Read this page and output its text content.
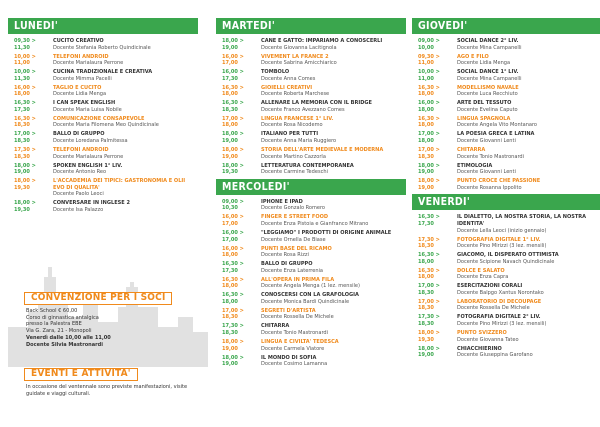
LUNEDI'
09,30 > 11,30
CUCITO CREATIVO
Docente Stefania Roberto Quindicinale
10,00 > 11,00
TELEFONI ANDROID
Docente Marialaura Perrone
10,00 > 11,30
CUCINA TRADIZIONALE E CREATIVA
Docente Mimma Pacelli
16,00 > 18,00
TAGLIO E CUCITO
Docente Lidia Menga
16,30 > 17,30
I CAN SPEAK ENGLISH
Docente Maria Luisa Nobile
16,30 > 18,30
COMUNICAZIONE CONSAPEVOLE
Docente Maria Filomena Meo Quindicinale
17,00 > 18,30
BALLO DI GRUPPO
Docente Loredana Palmitessa
17,30 > 18,30
TELEFONI ANDROID
Docente Marialaura Perrone
18,00 > 19,00
SPOKEN ENGLISH 1° LIV.
Docente Antonio Reo
18,00 > 19,30
L'ACCADEMIA DEI TIPICI: GASTRONOMIA E OLII EVO DI QUALITA'
Docente Paolo Leoci
18,00 > 19,30
CONVERSARE IN INGLESE 2
Docente Isa Palazzo
CONVENZIONE PER I SOCI

Back School € 60,00

Corso di ginnastica antalgica

presso la Palestra EBE

Via G. Zara, 21 - Monopoli

Venerdì dalle 10,00 alle 11,00

Docente Silvia Mastronardi

EVENTI E ATTIVITA'

In occasione del ventennale sono previste manifestazioni, visite guidate e viaggi culturali.

MARTEDI'
18,00 > 19,00
CANE E GATTO: IMPARIAMO A CONOSCERLI
Docente Giovanna Lacitignola
16,00 > 17,00
VIVEMENT LA FRANCE 2
Docente Sabrina Amicchiarico
16,00 > 17,30
TOMBOLO
Docente Anna Comes
16,30 > 18,00
GIOIELLI CREATIVI
Docente Roberta Marchese
16,30 > 18,30
ALLENARE LA MEMORIA CON IL BRIDGE
Docente Franco Avezzano Comes
17,00 > 18,00
LINGUA FRANCESE 1° LIV.
Docente Rosa Nicodemo
18,00 > 19,00
ITALIANO PER TUTTI
Docente Anna Maria Ruggiero
18,00 > 19,00
STORIA DELL'ARTE MEDIEVALE E MODERNA
Docente Martino Cazzorla
18,00 > 19,30
LETTERATURA CONTEMPORANEA
Docente Carmine Tedeschi
MERCOLEDI'
09,00 > 10,30
IPHONE E IPAD
Docente Gonzalo Romero
16,00 > 17,00
FINGER E STREET FOOD
Docente Enza Pistoia e Gianfranco Mitrano
16,00 > 17,00
"LEGGIAMO" I PRODOTTI DI ORIGINE ANIMALE
Docente Ornella De Biase
16,00 > 18,00
PUNTI BASE DEL RICAMO
Docente Rosa Rizzi
16,30 > 17,30
BALLO DI GRUPPO
Docente Enza Laterrenia
16,30 > 18,00
ALL'OPERA IN PRIMA FILA
Docente Angela Menga (1 lez. mensile)
16,30 > 18,00
CONOSCERSI CON LA GRAFOLOGIA
Docente Monica Bardi Quindicinale
17,00 > 18,30
SEGRETI D'ARTISTA
Docente Rossella De Michele
17,30 > 18,30
CHITARRA
Docente Tonio Mastronardi
18,00 > 19,00
LINGUA E CIVILTA' TEDESCA
Docente Carmela Viatore
18,00 > 19,00
IL MONDO DI SOFIA
Docente Cosimo Lamanna
GIOVEDI'
09,00 > 10,00
SOCIAL DANCE 2° LIV.
Docente Mina Campanelli
09,30 > 11,00
AGO E FILO
Docente Lidia Menga
10,00 > 11,00
SOCIAL DANCE 1° LIV.
Docente Mina Campanelli
16,30 > 18,00
MODELLISMO NAVALE
Docente Luca Recchiuto
16,00 > 18,00
ARTE DEL TESSUTO
Docente Evelina Caputo
16,30 > 18,00
LINGUA SPAGNOLA
Docente Angela Vito Montanaro
17,00 > 18,00
LA POESIA GRECA E LATINA
Docente Giovanni Lenti
17,00 > 18,30
CHITARRA
Docente Tonio Mastronardi
18,00 > 19,00
ETIMOLOGIA
Docente Giovanni Lenti
18,00 > 19,00
PUNTO CROCE CHE PASSIONE
Docente Rosanna Ippolito
VENERDI'
16,30 > 17,30
IL DIALETTO, LA NOSTRA STORIA, LA NOSTRA IDENTITA'
Docente Lella Leoci (inizio gennaio)
17,30 > 18,30
FOTOGRAFIA DIGITALE 1° LIV.
Docente Pino Mirizzi (3 lez. mensili)
16,30 > 18,00
GIACOMO, IL DISPERATO OTTIMISTA
Docente Scipione Navach Quindicinale
16,30 > 18,00
DOLCE E SALATO
Docente Enza Capra
17,00 > 18,30
ESERCITAZIONI CORALI
Docente Balpgo Xantus Norontako
17,00 > 18,30
LABORATORIO DI DECOUPAGE
Docente Rossella De Michele
17,30 > 18,30
FOTOGRAFIA DIGITALE 2° LIV.
Docente Pino Mirizzi (3 lez. mensili)
18,00 > 19,30
PUNTO SVIZZERO
Docente Giovanna Tateo
18,00 > 19,00
CHIACCHIERINO
Docente Giuseppina Garofano
